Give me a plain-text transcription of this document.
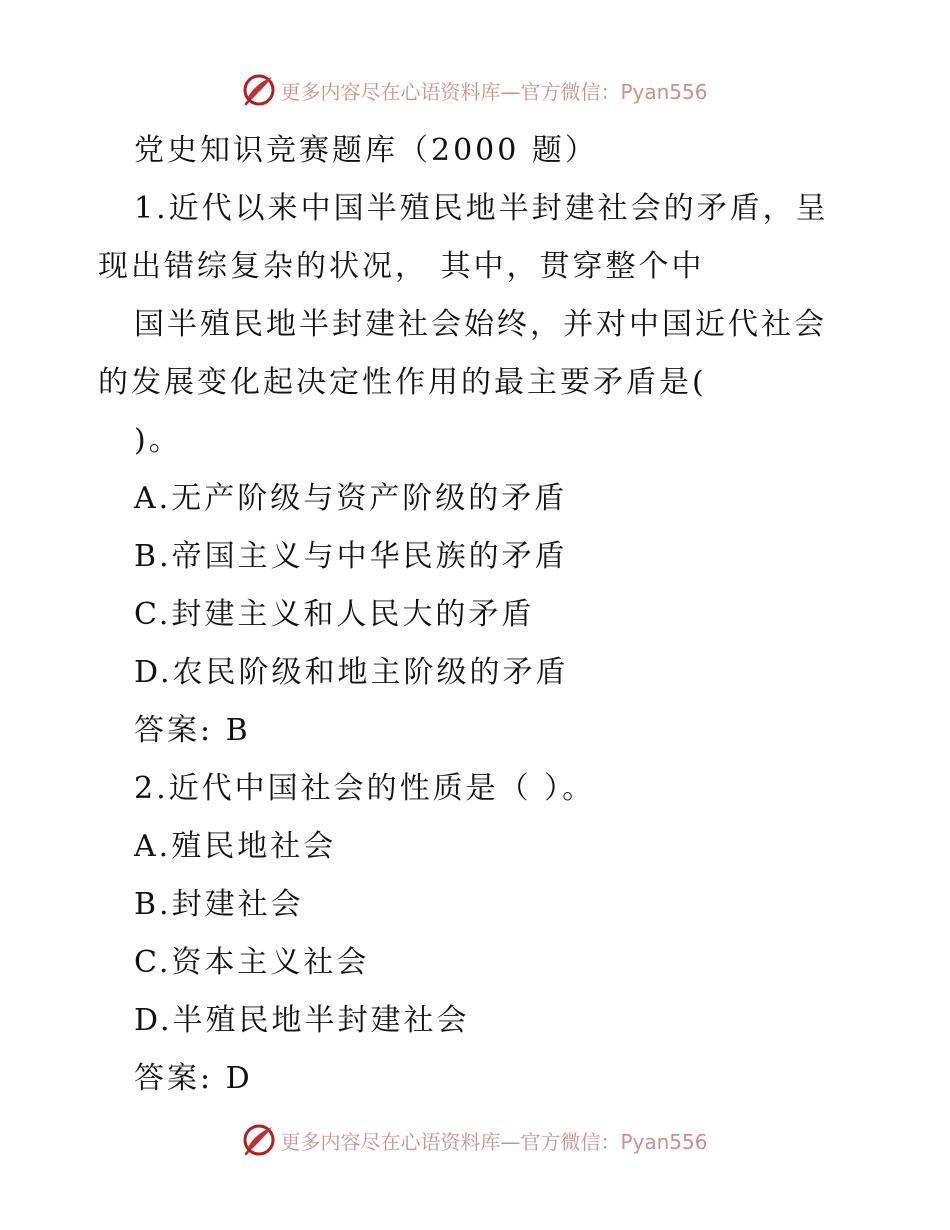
更多内容尽在心语资料库—官方微信：Pyan556
党史知识竞赛题库（2000 题）
1.近代以来中国半殖民地半封建社会的矛盾，呈
现出错综复杂的状况， 其中，贯穿整个中
国半殖民地半封建社会始终，并对中国近代社会
的发展变化起决定性作用的最主要矛盾是(
)。
A.无产阶级与资产阶级的矛盾
B.帝国主义与中华民族的矛盾
C.封建主义和人民大的矛盾
D.农民阶级和地主阶级的矛盾
答案: B
2.近代中国社会的性质是（ ）。
A.殖民地社会
B.封建社会
C.资本主义社会
D.半殖民地半封建社会
答案: D
更多内容尽在心语资料库—官方微信：Pyan556
